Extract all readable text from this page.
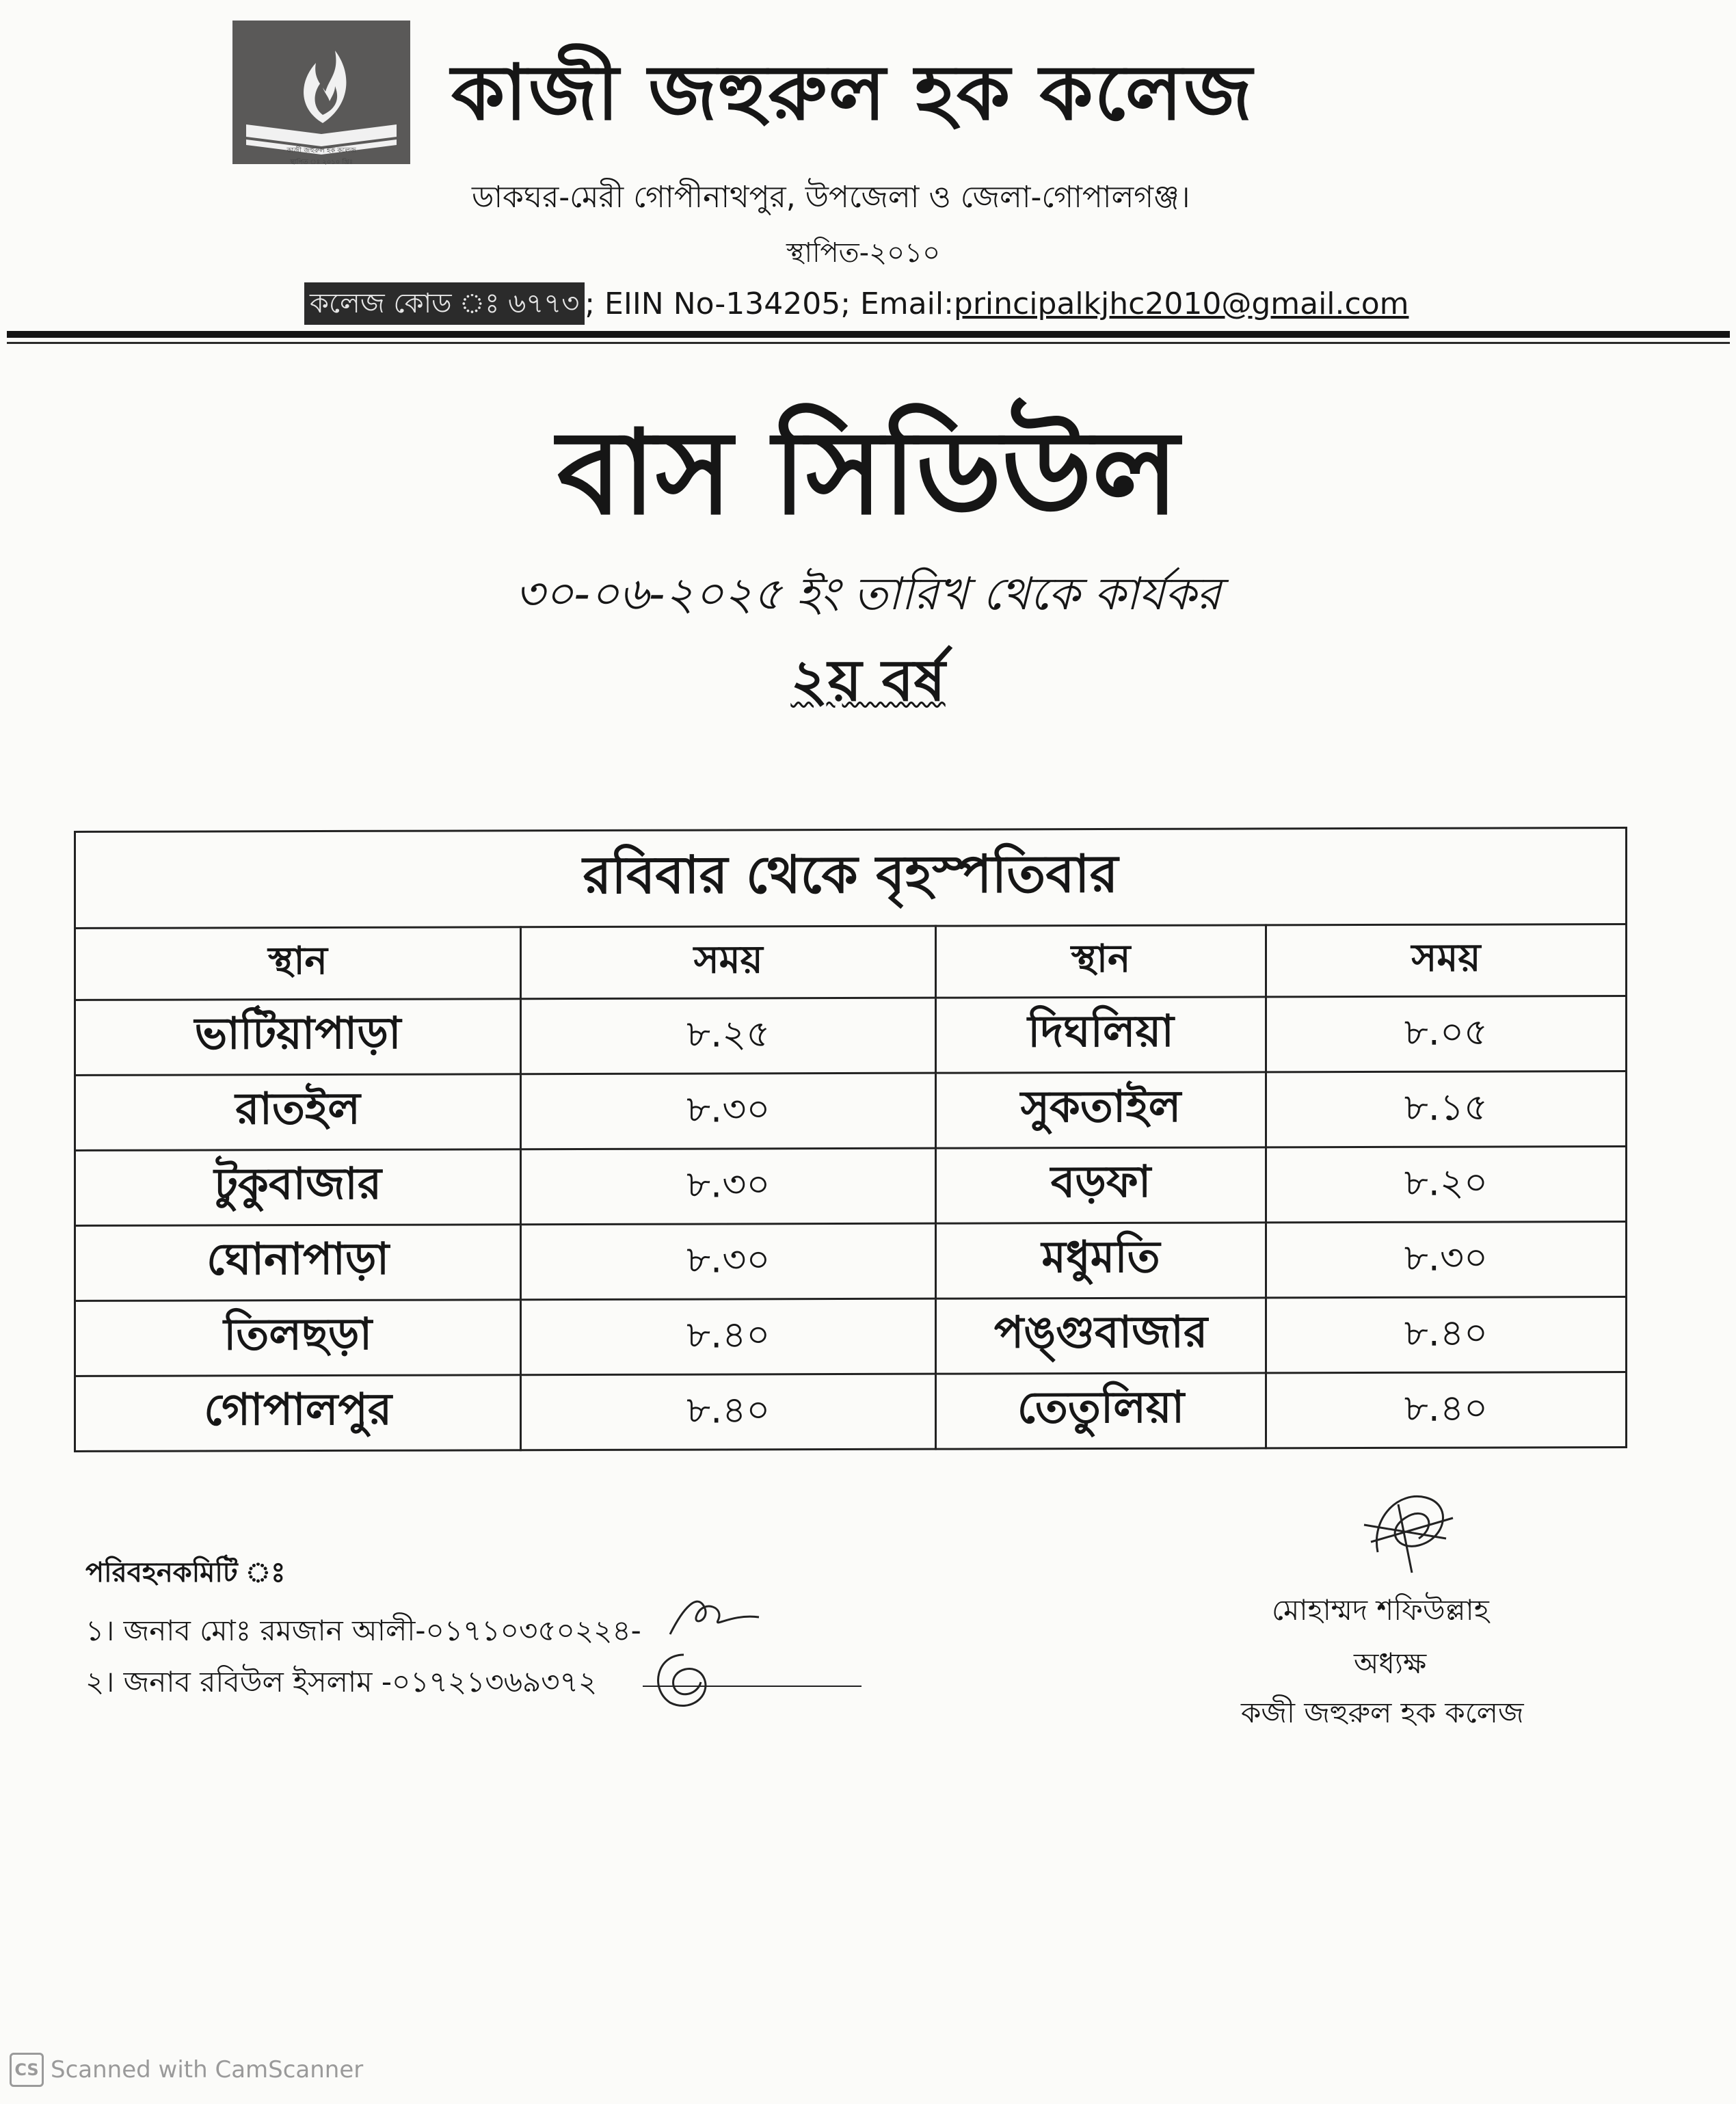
কাজী জহুরুল হক কলেজ
স্থাপিত ঃ ২০১০ খ্রিঃ
কাজী জহুরুল হক কলেজ
ডাকঘর-মেরী গোপীনাথপুর, উপজেলা ও জেলা-গোপালগঞ্জ।
স্থাপিত-২০১০
কলেজ কোড ঃ ৬৭৭৩ ; EIIN No-134205; Email: principalkjhc2010@gmail.com
বাস সিডিউল
৩০-০৬-২০২৫ ইং তারিখ থেকে কার্যকর
২য় বর্ষ
রবিবার থেকে বৃহস্পতিবার			
স্থান	সময়	স্থান	সময়
ভাটিয়াপাড়া	৮.২৫	দিঘলিয়া	৮.০৫
রাতইল	৮.৩০	সুকতাইল	৮.১৫
টুকুবাজার	৮.৩০	বড়ফা	৮.২০
ঘোনাপাড়া	৮.৩০	মধুমতি	৮.৩০
তিলছড়া	৮.৪০	পঙ্গুবাজার	৮.৪০
গোপালপুর	৮.৪০	তেতুলিয়া	৮.৪০
পরিবহনকমিটি ঃ
১। জনাব মোঃ রমজান আলী-০১৭১০৩৫০২২৪-
২। জনাব রবিউল ইসলাম -০১৭২১৩৬৯৩৭২
মোহাম্মদ শফিউল্লাহ
অধ্যক্ষ
কজী জহুরুল হক কলেজ
CS Scanned with CamScanner
